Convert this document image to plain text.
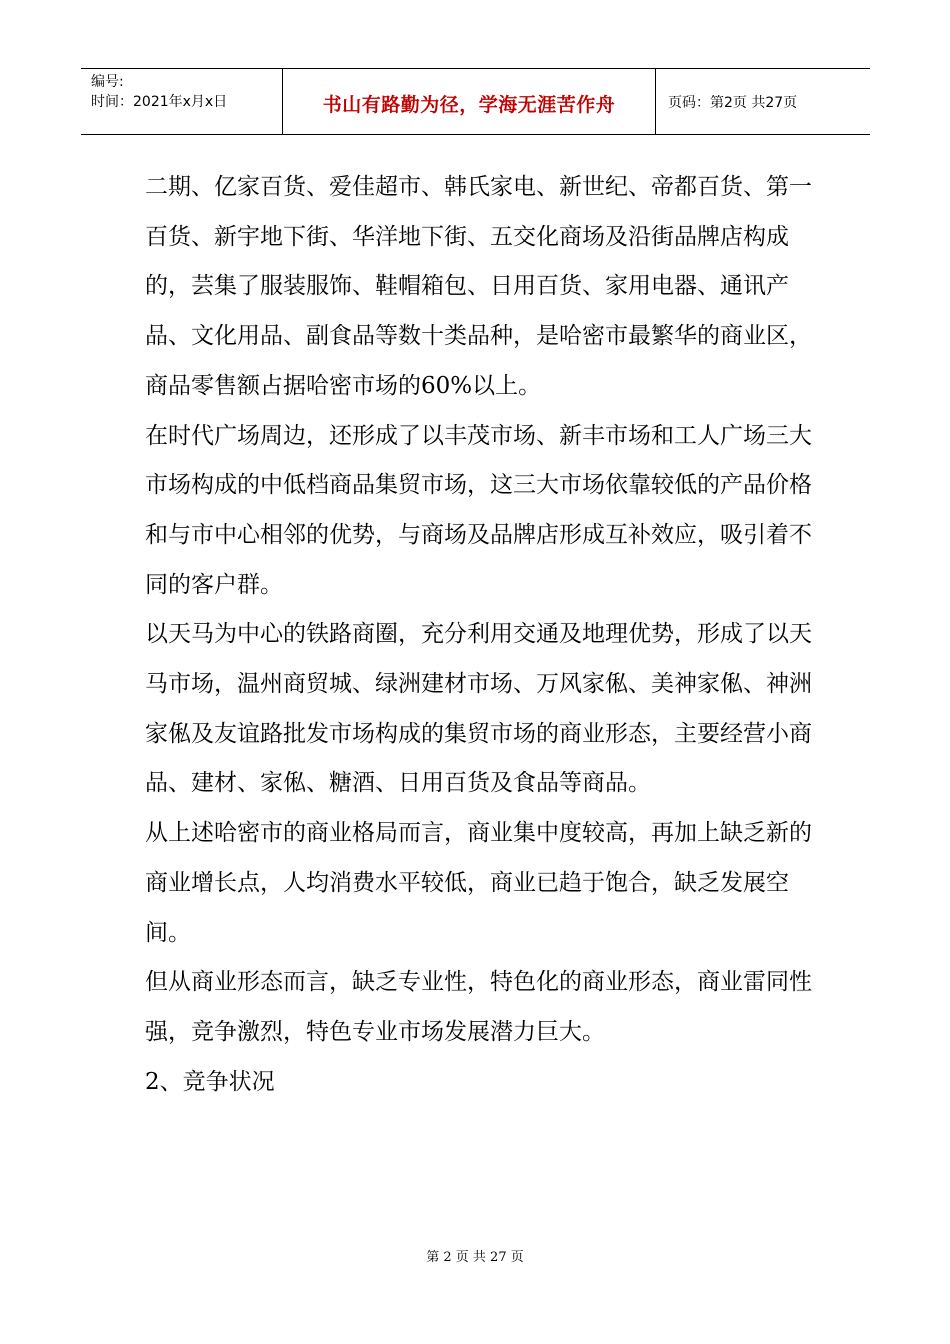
编号:
时间：2021年x月x日	书山有路勤为径，学海无涯苦作舟	页码：第2页 共27页

二期、亿家百货、爱佳超市、韩氏家电、新世纪、帝都百货、第一百货、新宇地下街、华洋地下街、五交化商场及沿街品牌店构成的，芸集了服装服饰、鞋帽箱包、日用百货、家用电器、通讯产品、文化用品、副食品等数十类品种，是哈密市最繁华的商业区，商品零售额占据哈密市场的60%以上。

在时代广场周边，还形成了以丰茂市场、新丰市场和工人广场三大市场构成的中低档商品集贸市场，这三大市场依靠较低的产品价格和与市中心相邻的优势，与商场及品牌店形成互补效应，吸引着不同的客户群。

以天马为中心的铁路商圈，充分利用交通及地理优势，形成了以天马市场，温州商贸城、绿洲建材市场、万风家俬、美神家俬、神洲家俬及友谊路批发市场构成的集贸市场的商业形态，主要经营小商品、建材、家俬、糖酒、日用百货及食品等商品。

从上述哈密市的商业格局而言，商业集中度较高，再加上缺乏新的商业增长点，人均消费水平较低，商业已趋于饱合，缺乏发展空间。

但从商业形态而言，缺乏专业性，特色化的商业形态，商业雷同性强，竞争激烈，特色专业市场发展潜力巨大。

2、竞争状况

第 2 页 共 27 页
